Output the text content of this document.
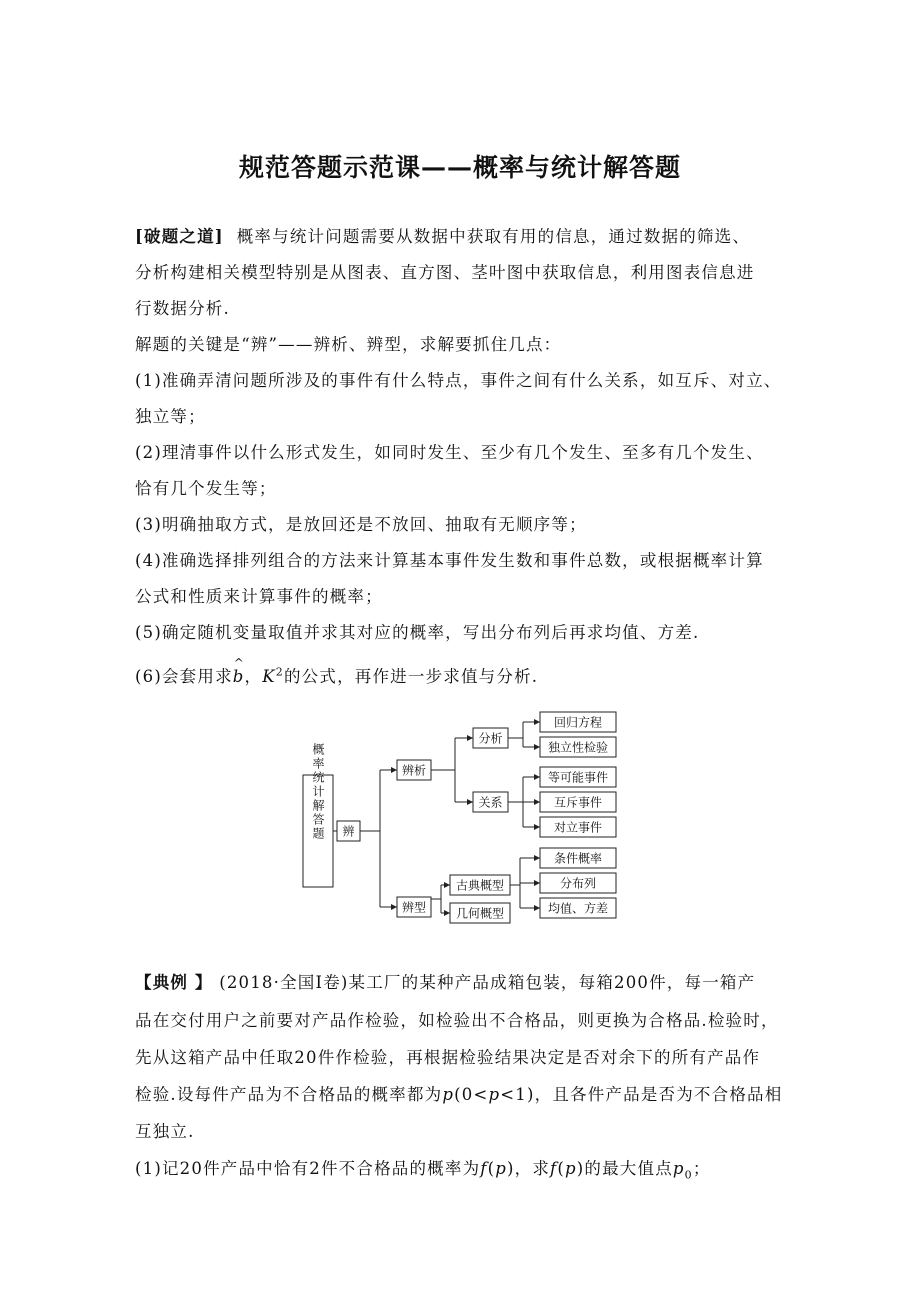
规范答题示范课——概率与统计解答题
[破题之道] 概率与统计问题需要从数据中获取有用的信息，通过数据的筛选、
分析构建相关模型特别是从图表、直方图、茎叶图中获取信息，利用图表信息进
行数据分析.
解题的关键是“辨”——辨析、辨型，求解要抓住几点：
(1)准确弄清问题所涉及的事件有什么特点，事件之间有什么关系，如互斥、对立、
独立等；
(2)理清事件以什么形式发生，如同时发生、至少有几个发生、至多有几个发生、
恰有几个发生等；
(3)明确抽取方式，是放回还是不放回、抽取有无顺序等；
(4)准确选择排列组合的方法来计算基本事件发生数和事件总数，或根据概率计算
公式和性质来计算事件的概率；
(5)确定随机变量取值并求其对应的概率，写出分布列后再求均值、方差.
(6)会套用求
^
b，$K^2$的公式，再作进一步求值与分析.
概率统计解答题 辨
辨析
辨型
分析
关系
古典概型
几何概型
回归方程
独立性检验
等可能事件
互斥事件
对立事件
条件概率
分布列
均值、方差
【典例 】 (2018·全国Ⅰ卷)某工厂的某种产品成箱包装，每箱200件，每一箱产
品在交付用户之前要对产品作检验，如检验出不合格品，则更换为合格品.检验时，
先从这箱产品中任取20件作检验，再根据检验结果决定是否对余下的所有产品作
检验.设每件产品为不合格品的概率都为p(0<p<1)，且各件产品是否为不合格品相
互独立.
(1)记20件产品中恰有2件不合格品的概率为f(p)，求f(p)的最大值点$p_0$；
